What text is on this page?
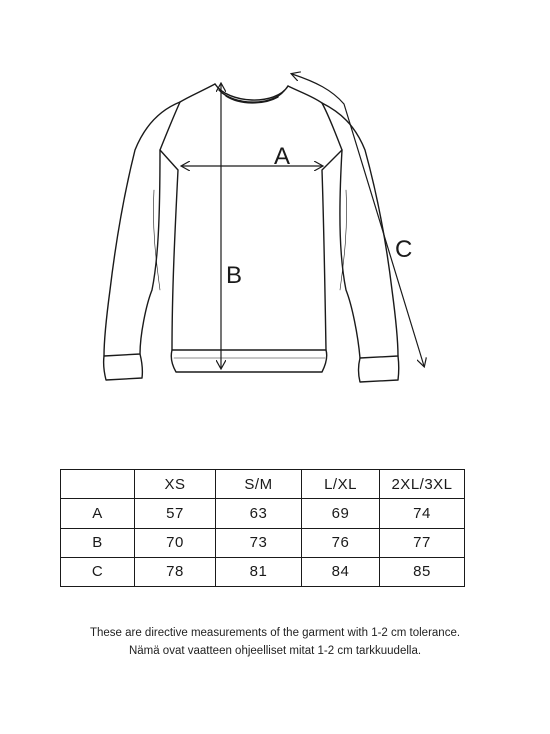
A
B
C
	XS	S/M	L/XL	2XL/3XL
A	57	63	69	74
B	70	73	76	77
C	78	81	84	85
These are directive measurements of the garment with 1-2 cm tolerance.
Nämä ovat vaatteen ohjeelliset mitat 1-2 cm tarkkuudella.
